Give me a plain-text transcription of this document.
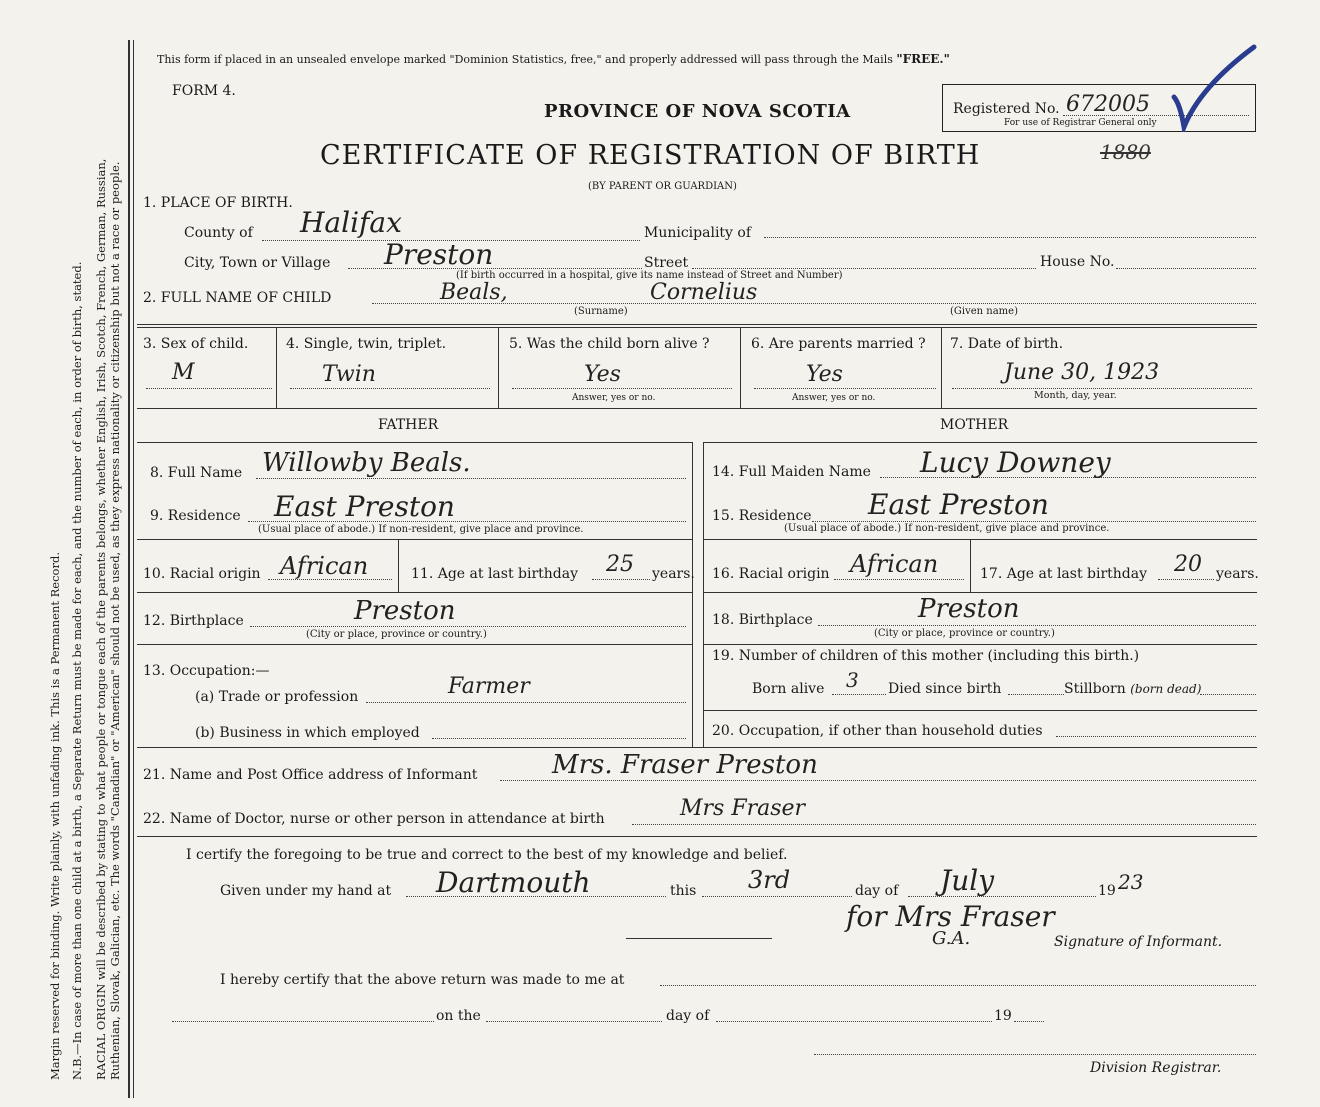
Margin reserved for binding. Write plainly, with unfading ink. This is a Permanent Record. N.B.—In case of more than one child at a birth, a Separate Return must be made for each, and the number of each, in order of birth, stated. RACIAL ORIGIN will be described by stating to what people or tongue each of the parents belongs, whether English, Irish, Scotch, French, German, Russian, Ruthenian, Slovak, Galician, etc. The words "Canadian" or "American" should not be used, as they express nationality or citizenship but not a race or people.
This form if placed in an unsealed envelope marked "Dominion Statistics, free," and properly addressed will pass through the Mails "FREE."
FORM 4.
PROVINCE OF NOVA SCOTIA
CERTIFICATE OF REGISTRATION OF BIRTH
(BY PARENT OR GUARDIAN)
Registered No. 672005
For use of Registrar General only
1880
1. PLACE OF BIRTH.
County of Halifax	Municipality of
City, Town or Village Preston	Street	House No.
(If birth occurred in a hospital, give its name instead of Street and Number)
2. FULL NAME OF CHILD	Beals,	Cornelius
(Surname)	(Given name)
3. Sex of child.
M
4. Single, twin, triplet.
Twin
5. Was the child born alive ?
Yes
Answer, yes or no.
6. Are parents married ?
Yes
Answer, yes or no.
7. Date of birth.
June 30, 1923
Month, day, year.
FATHER	MOTHER
8. Full Name Willowby Beals.
9. Residence East Preston
(Usual place of abode.) If non-resident, give place and province.
10. Racial origin African	11. Age at last birthday 25 years.
12. Birthplace	Preston
(City or place, province or country.)
13. Occupation:—
(a) Trade or profession	Farmer
(b) Business in which employed
14. Full Maiden Name Lucy Downey
15. Residence East Preston
(Usual place of abode.) If non-resident, give place and province.
16. Racial origin African	17. Age at last birthday 20 years.
18. Birthplace	Preston
(City or place, province or country.)
19. Number of children of this mother (including this birth.)
Born alive 3 Died since birth	Stillborn (born dead)
20. Occupation, if other than household duties
21. Name and Post Office address of Informant	Mrs. Fraser Preston
22. Name of Doctor, nurse or other person in attendance at birth	Mrs Fraser
I certify the foregoing to be true and correct to the best of my knowledge and belief.
Given under my hand at Dartmouth	this 3rd	day of July	19 23
for Mrs Fraser
G.A.	Signature of Informant.
I hereby certify that the above return was made to me at
on the	day of	19
Division Registrar.
